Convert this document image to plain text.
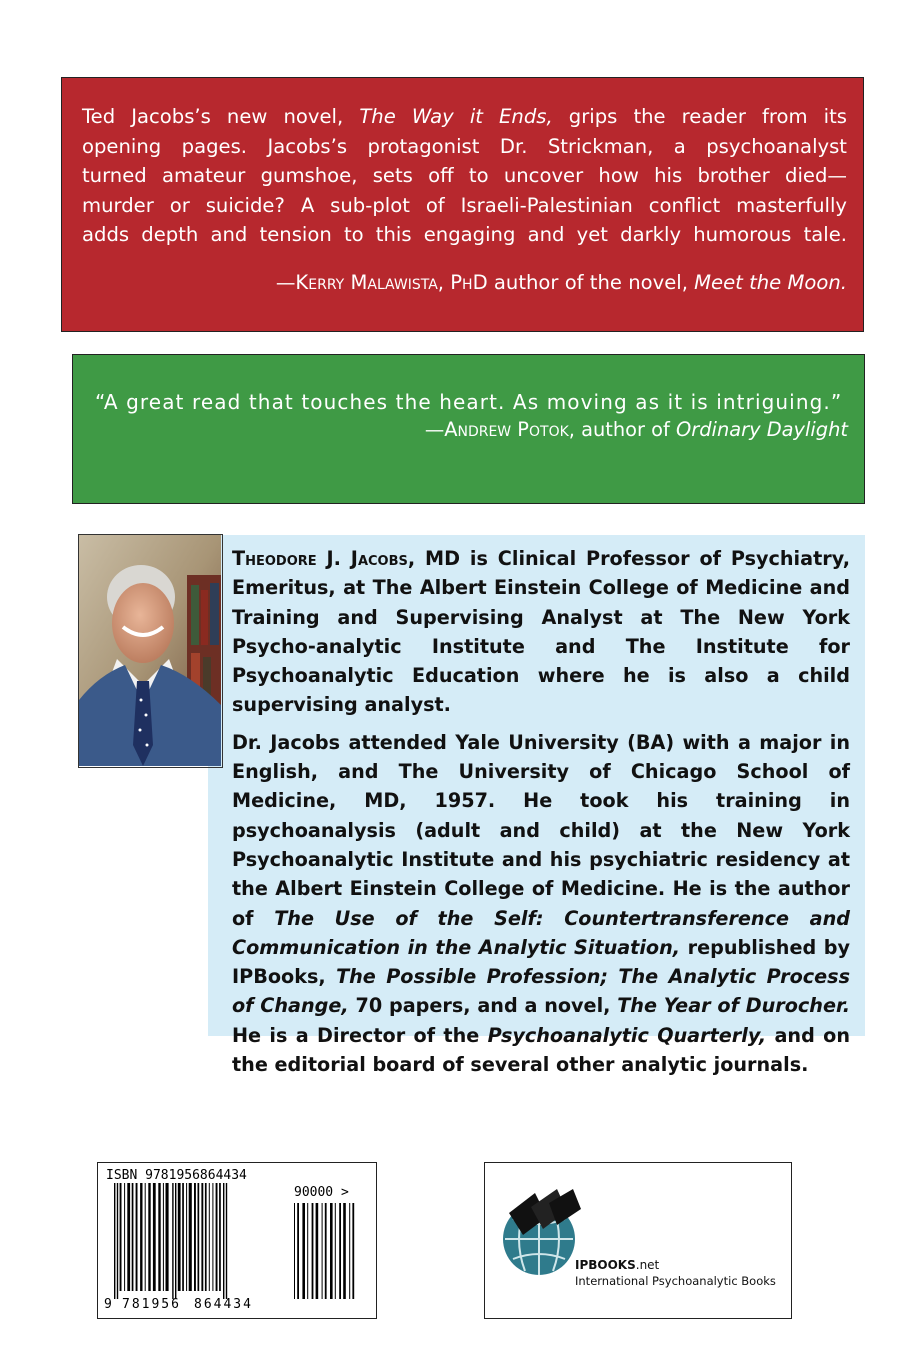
Ted Jacobs’s new novel, The Way it Ends, grips the reader from its opening pages. Jacobs’s protagonist Dr. Strickman, a psychoanalyst turned amateur gumshoe, sets off to uncover how his brother died— murder or suicide? A sub-plot of Israeli-Palestinian conflict masterfully adds depth and tension to this engaging and yet darkly humorous tale.
—Kerry Malawista, PhD author of the novel, Meet the Moon.
“A great read that touches the heart. As moving as it is intriguing.”
—Andrew Potok, author of Ordinary Daylight

Theodore J. Jacobs, MD is Clinical Professor of Psychiatry, Emeritus, at The Albert Einstein College of Medicine and Training and Supervising Analyst at The New York Psycho-analytic Institute and The Institute for Psychoanalytic Education where he is also a child supervising analyst.

Dr. Jacobs attended Yale University (BA) with a major in English, and The University of Chicago School of Medicine, MD, 1957. He took his training in psychoanalysis (adult and child) at the New York Psychoanalytic Institute and his psychiatric residency at the Albert Einstein College of Medicine. He is the author of The Use of the Self: Countertransference and Communication in the Analytic Situation, republished by IPBooks, The Possible Profession; The Analytic Process of Change, 70 papers, and a novel, The Year of Durocher. He is a Director of the Psychoanalytic Quarterly, and on the editorial board of several other analytic journals.

ISBN 9781956864434
90000 >
9 781956 864434
IPBOOKS.net
International Psychoanalytic Books
